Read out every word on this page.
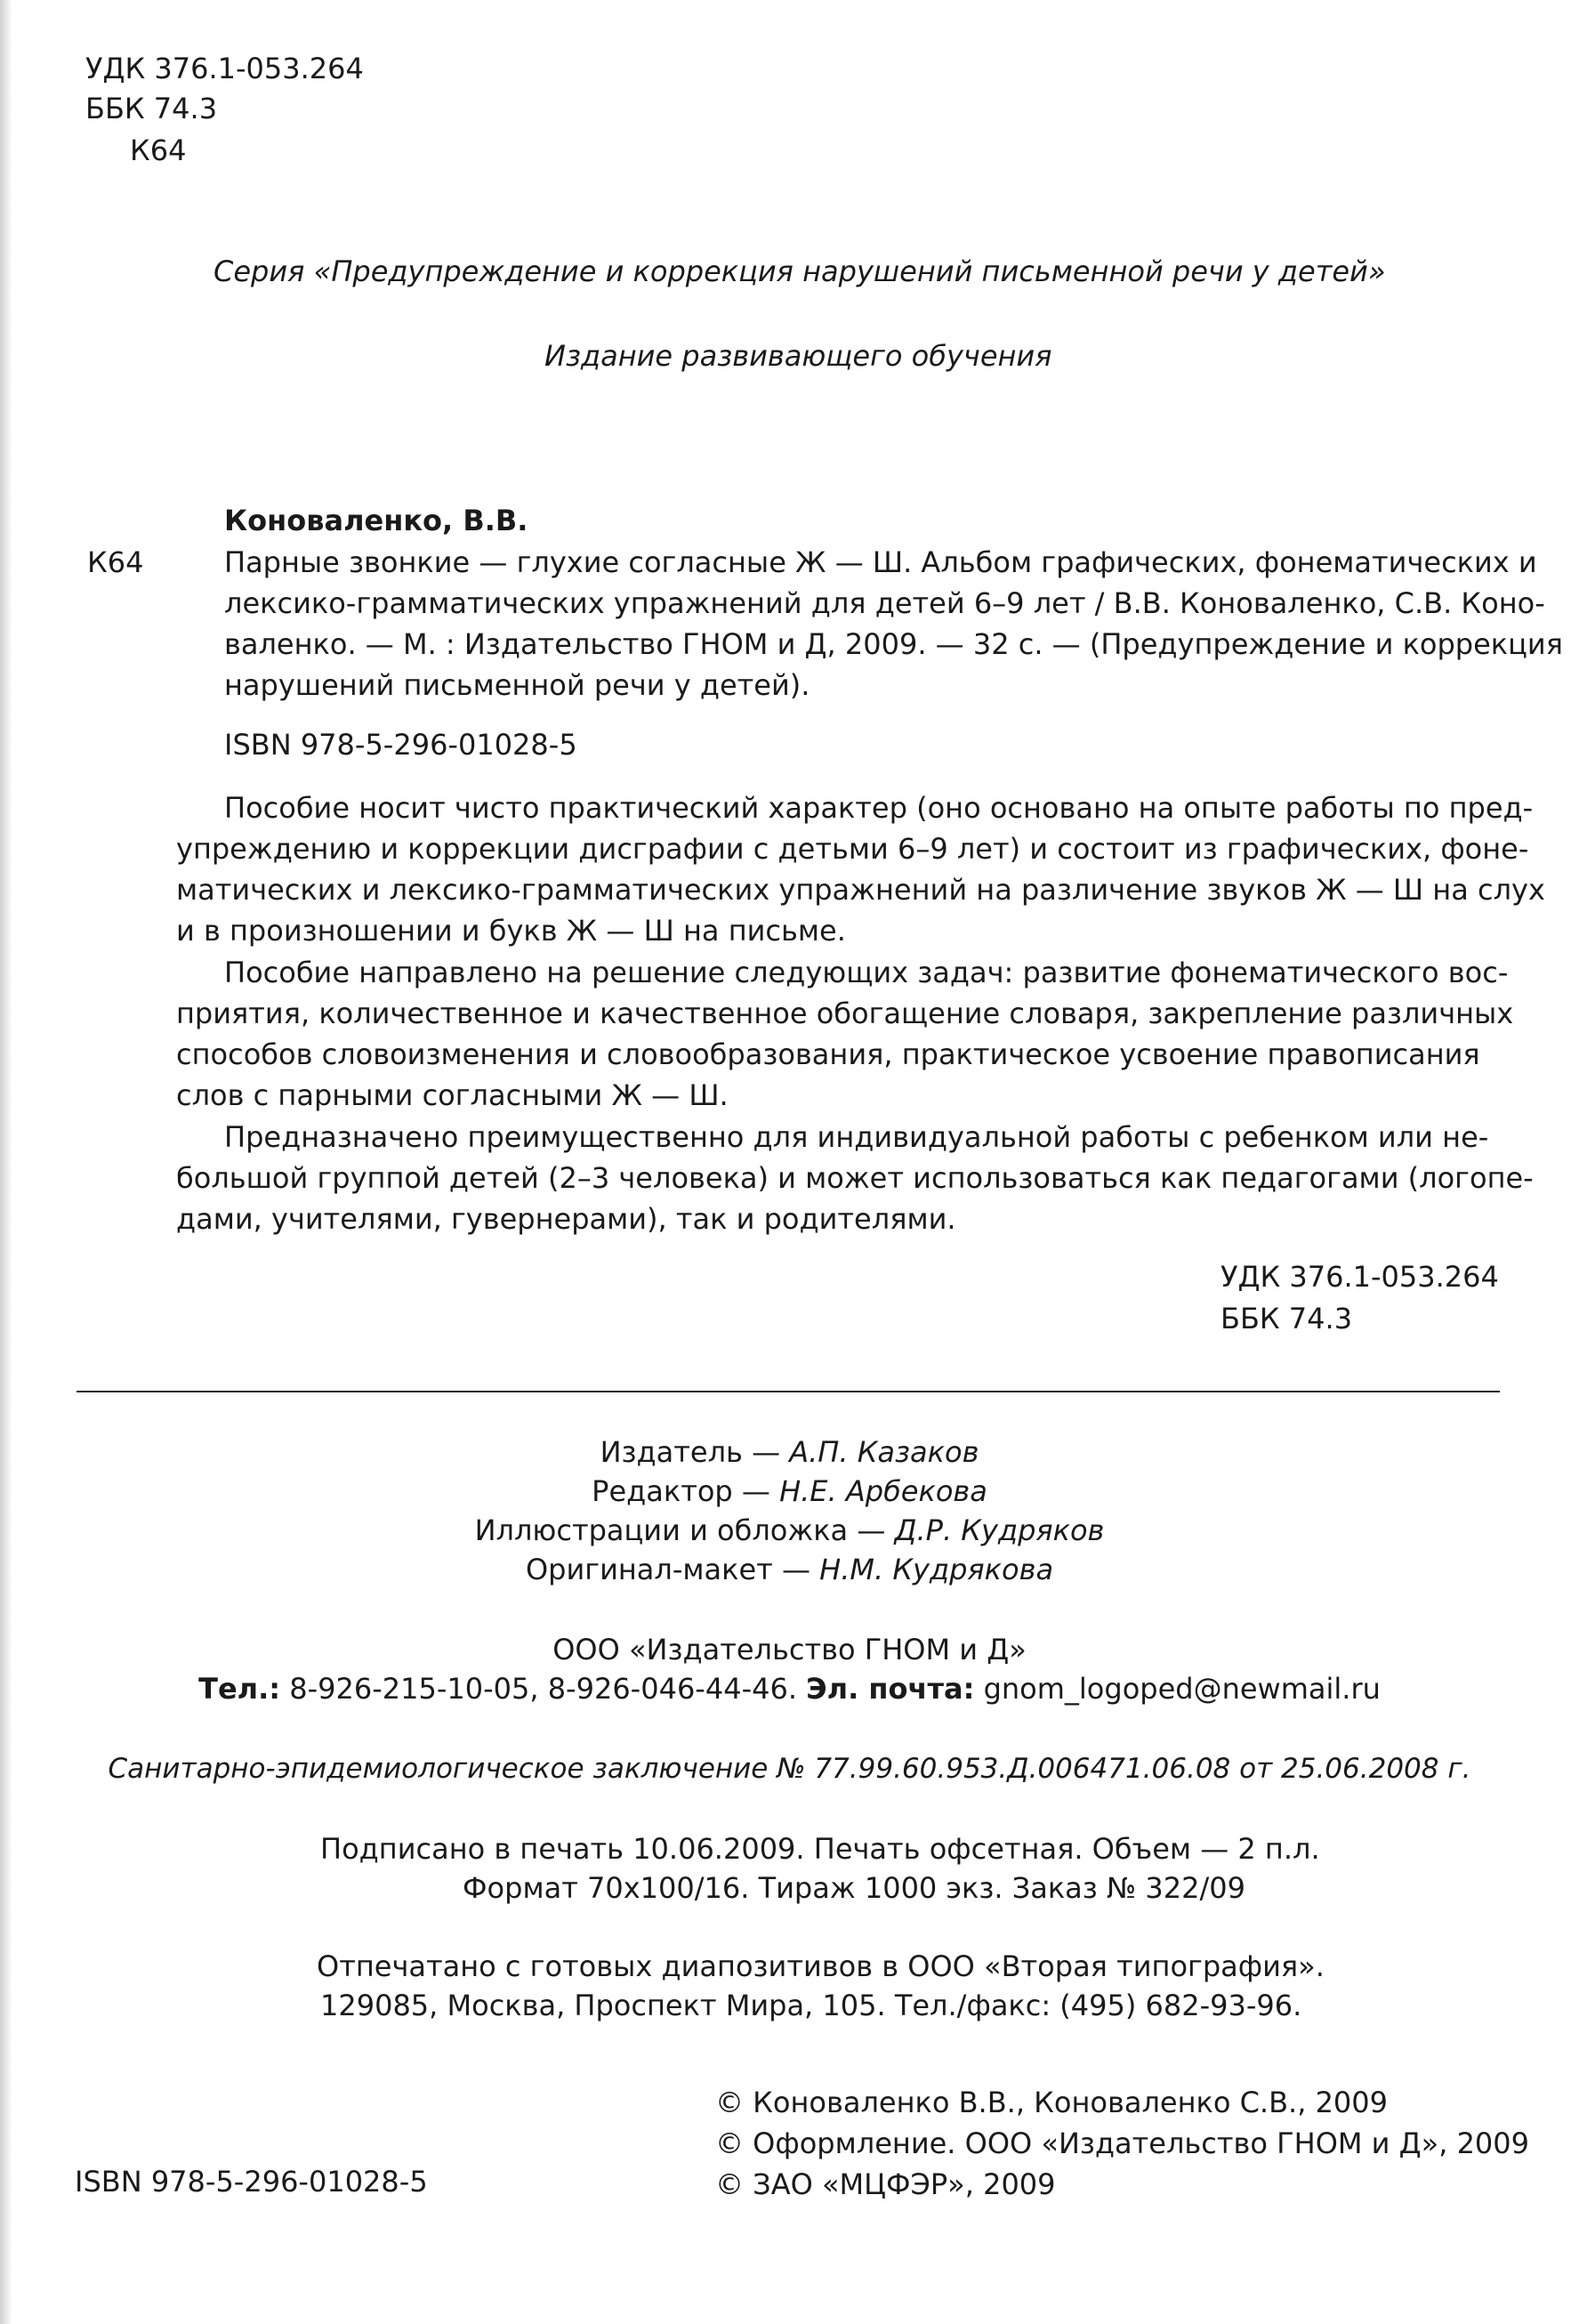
УДК 376.1-053.264
ББК 74.3
К64
Серия «Предупреждение и коррекция нарушений письменной речи у детей»
Издание развивающего обучения
Коноваленко, В.В.
К64	Парные звонкие — глухие согласные Ж — Ш. Альбом графических, фонематических и
лексико-грамматических упражнений для детей 6–9 лет / В.В. Коноваленко, С.В. Коно-
валенко. — М. : Издательство ГНОМ и Д, 2009. — 32 с. — (Предупреждение и коррекция
нарушений письменной речи у детей).
ISBN 978-5-296-01028-5
Пособие носит чисто практический характер (оно основано на опыте работы по пред-
упреждению и коррекции дисграфии с детьми 6–9 лет) и состоит из графических, фоне-
матических и лексико-грамматических упражнений на различение звуков Ж — Ш на слух
и в произношении и букв Ж — Ш на письме.
Пособие направлено на решение следующих задач: развитие фонематического вос-
приятия, количественное и качественное обогащение словаря, закрепление различных
способов словоизменения и словообразования, практическое усвоение правописания
слов с парными согласными Ж — Ш.
Предназначено преимущественно для индивидуальной работы с ребенком или не-
большой группой детей (2–3 человека) и может использоваться как педагогами (логопе-
дами, учителями, гувернерами), так и родителями.
УДК 376.1-053.264
ББК 74.3
Издатель — А.П. Казаков
Редактор — Н.Е. Арбекова
Иллюстрации и обложка — Д.Р. Кудряков
Оригинал-макет — Н.М. Кудрякова
ООО «Издательство ГНОМ и Д»
Тел.: 8-926-215-10-05, 8-926-046-44-46. Эл. почта: gnom_logoped@newmail.ru
Санитарно-эпидемиологическое заключение № 77.99.60.953.Д.006471.06.08 от 25.06.2008 г.
Подписано в печать 10.06.2009. Печать офсетная. Объем — 2 п.л.
Формат 70х100/16. Тираж 1000 экз. Заказ № 322/09
Отпечатано с готовых диапозитивов в ООО «Вторая типография».
129085, Москва, Проспект Мира, 105. Тел./факс: (495) 682-93-96.
© Коноваленко В.В., Коноваленко С.В., 2009
© Оформление. ООО «Издательство ГНОМ и Д», 2009
© ЗАО «МЦФЭР», 2009
ISBN 978-5-296-01028-5
